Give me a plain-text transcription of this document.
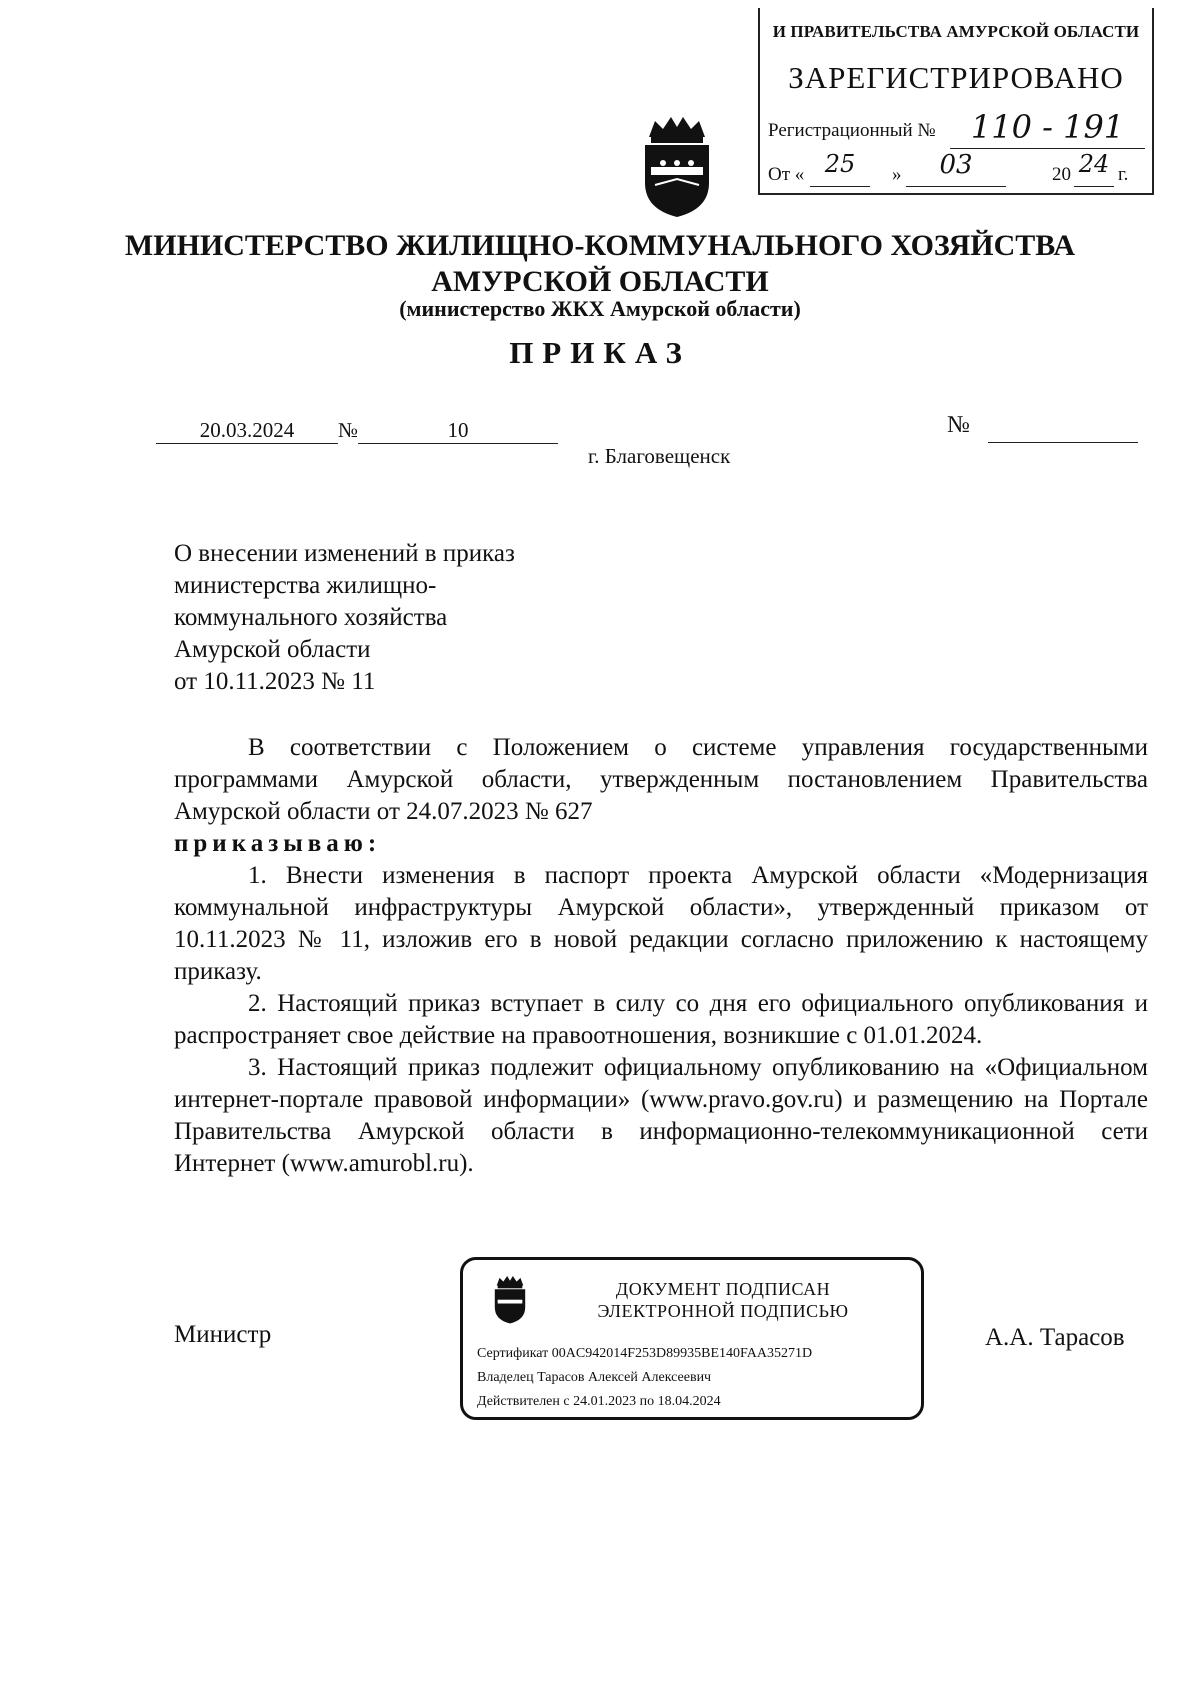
И ПРАВИТЕЛЬСТВА АМУРСКОЙ ОБЛАСТИ
ЗАРЕГИСТРИРОВАНО
Регистрационный №	110 - 191
От « 25	»	03	20 24 г.
МИНИСТЕРСТВО ЖИЛИЩНО-КОММУНАЛЬНОГО ХОЗЯЙСТВА
АМУРСКОЙ ОБЛАСТИ
(министерство ЖКХ Амурской области)
ПРИКАЗ
20.03.2024 №	10	№
г. Благовещенск
О внесении изменений в приказ
министерства жилищно-
коммунального хозяйства
Амурской области
от 10.11.2023 № 11

В соответствии с Положением о системе управления государственными программами Амурской области, утвержденным постановлением Правительства Амурской области от 24.07.2023 № 627

приказываю:

1. Внести изменения в паспорт проекта Амурской области «Модернизация коммунальной инфраструктуры Амурской области», утвержденный приказом от 10.11.2023 № 11, изложив его в новой редакции согласно приложению к настоящему приказу.

2. Настоящий приказ вступает в силу со дня его официального опубликования и распространяет свое действие на правоотношения, возникшие с 01.01.2024.

3. Настоящий приказ подлежит официальному опубликованию на «Официальном интернет-портале правовой информации» (www.pravo.gov.ru) и размещению на Портале Правительства Амурской области в информационно-телекоммуникационной сети Интернет (www.amurobl.ru).

Министр	А.А. Тарасов
ДОКУМЕНТ ПОДПИСАН
ЭЛЕКТРОННОЙ ПОДПИСЬЮ
Сертификат 00AC942014F253D89935BE140FAA35271D
Владелец Тарасов Алексей Алексеевич
Действителен с 24.01.2023 по 18.04.2024
